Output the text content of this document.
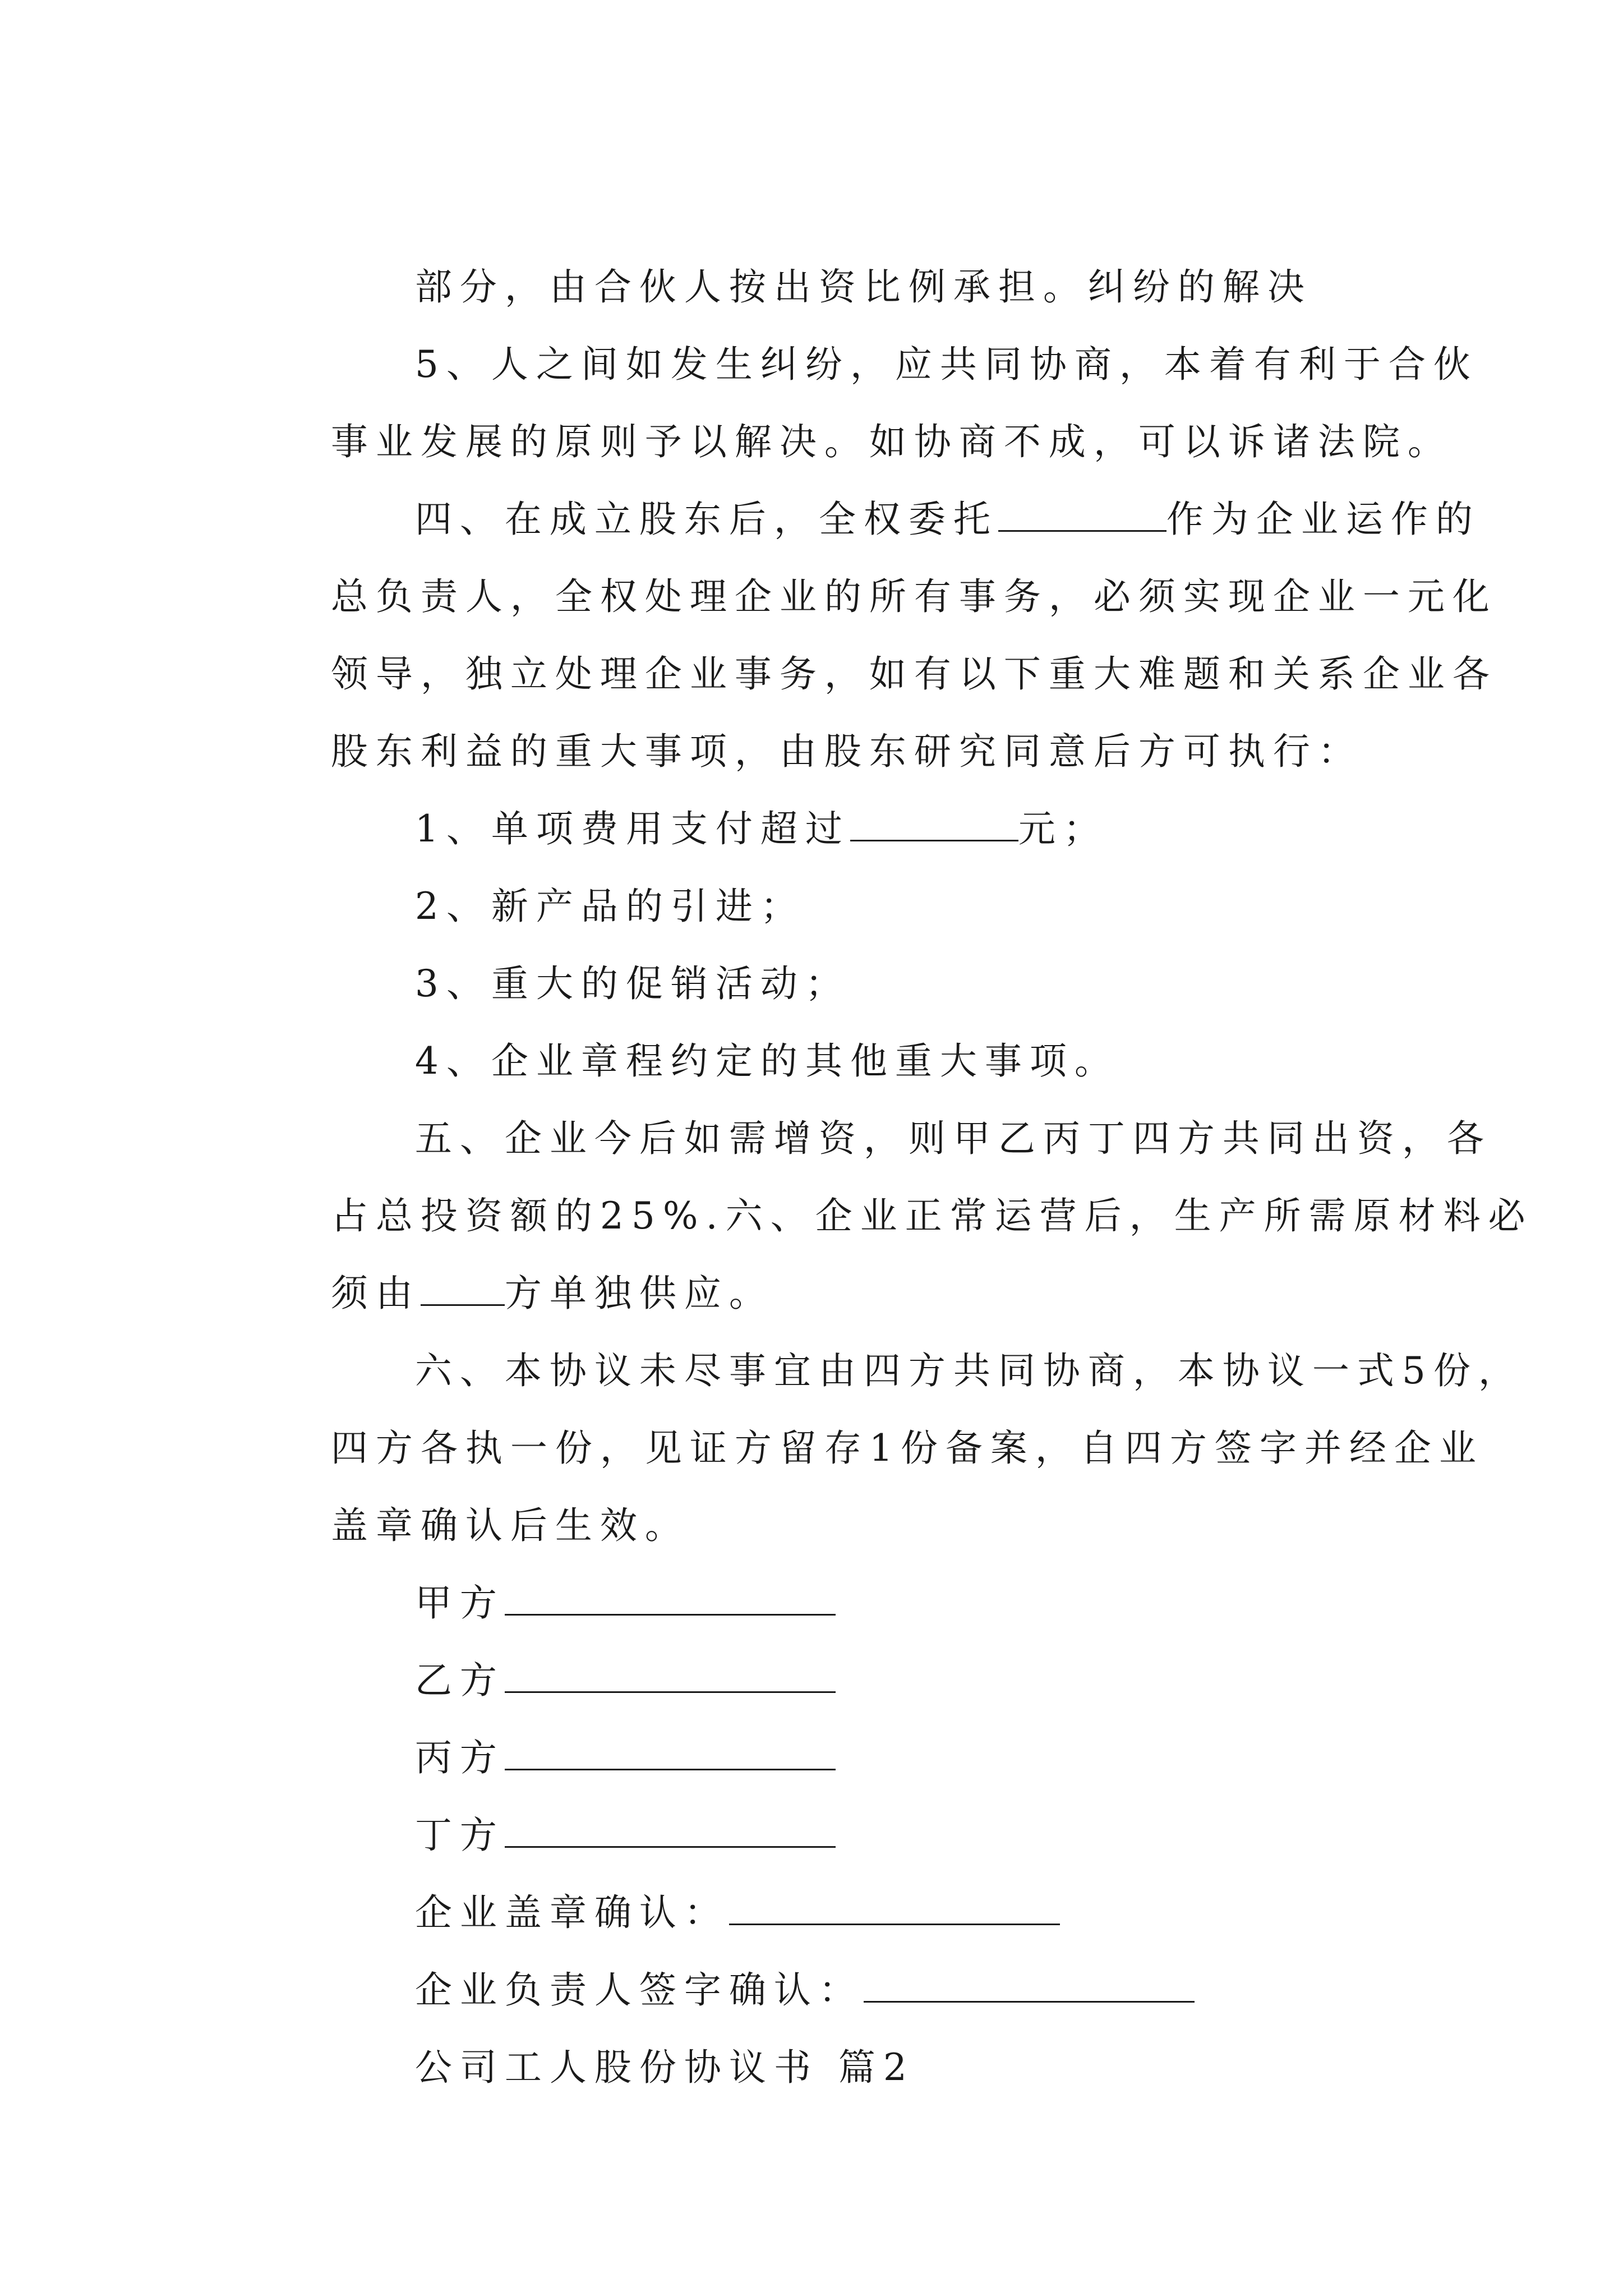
部分，由合伙人按出资比例承担。纠纷的解决

5、人之间如发生纠纷，应共同协商，本着有利于合伙

事业发展的原则予以解决。如协商不成，可以诉诸法院。

四、在成立股东后，全权委托	作为企业运作的

总负责人，全权处理企业的所有事务，必须实现企业一元化

领导，独立处理企业事务，如有以下重大难题和关系企业各

股东利益的重大事项，由股东研究同意后方可执行：

1、单项费用支付超过	元；

2、新产品的引进；

3、重大的促销活动；

4、企业章程约定的其他重大事项。

五、企业今后如需增资，则甲乙丙丁四方共同出资，各

占总投资额的25%.六、企业正常运营后，生产所需原材料必

须由 方单独供应。

六、本协议未尽事宜由四方共同协商，本协议一式5份，

四方各执一份，见证方留存1份备案，自四方签字并经企业

盖章确认后生效。

甲方

乙方

丙方

丁方

企业盖章确认：

企业负责人签字确认：

公司工人股份协议书 篇2
